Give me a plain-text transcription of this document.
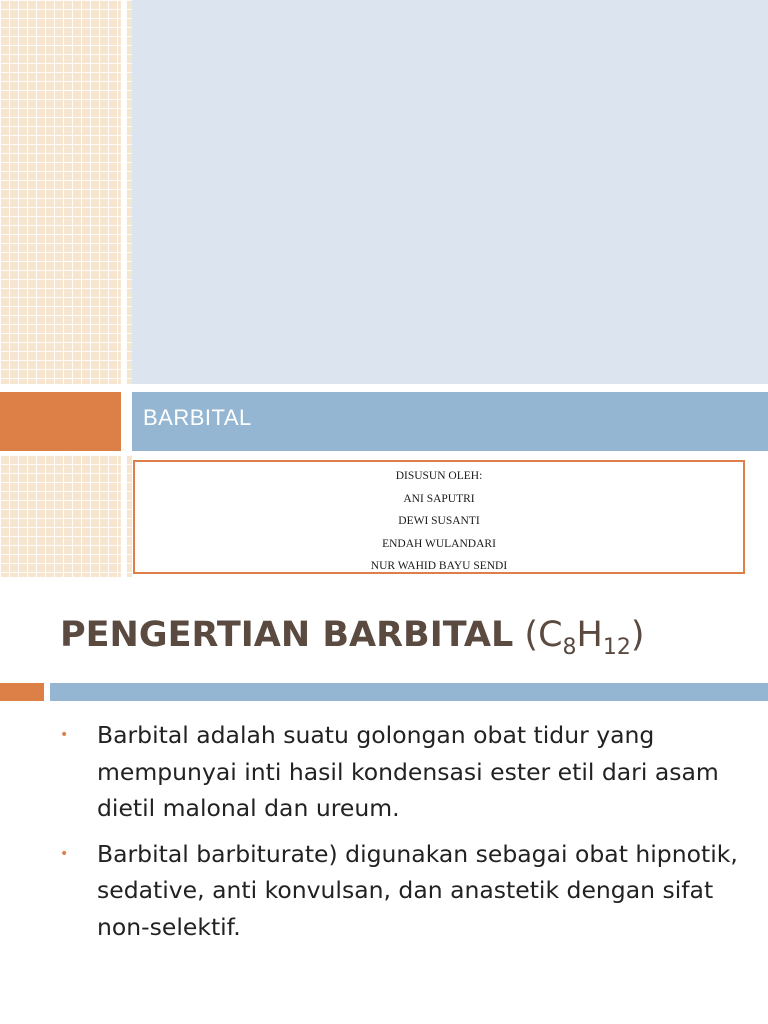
BARBITAL
DISUSUN OLEH:
ANI SAPUTRI
DEWI SUSANTI
ENDAH WULANDARI
NUR WAHID BAYU SENDI
PENGERTIAN BARBITAL $(C_8H_{12})$
• Barbital adalah suatu golongan obat tidur yang mempunyai inti hasil kondensasi ester etil dari asam dietil malonal dan ureum.
• Barbital barbiturate) digunakan sebagai obat hipnotik, sedative, anti konvulsan, dan anastetik dengan sifat non-selektif.
